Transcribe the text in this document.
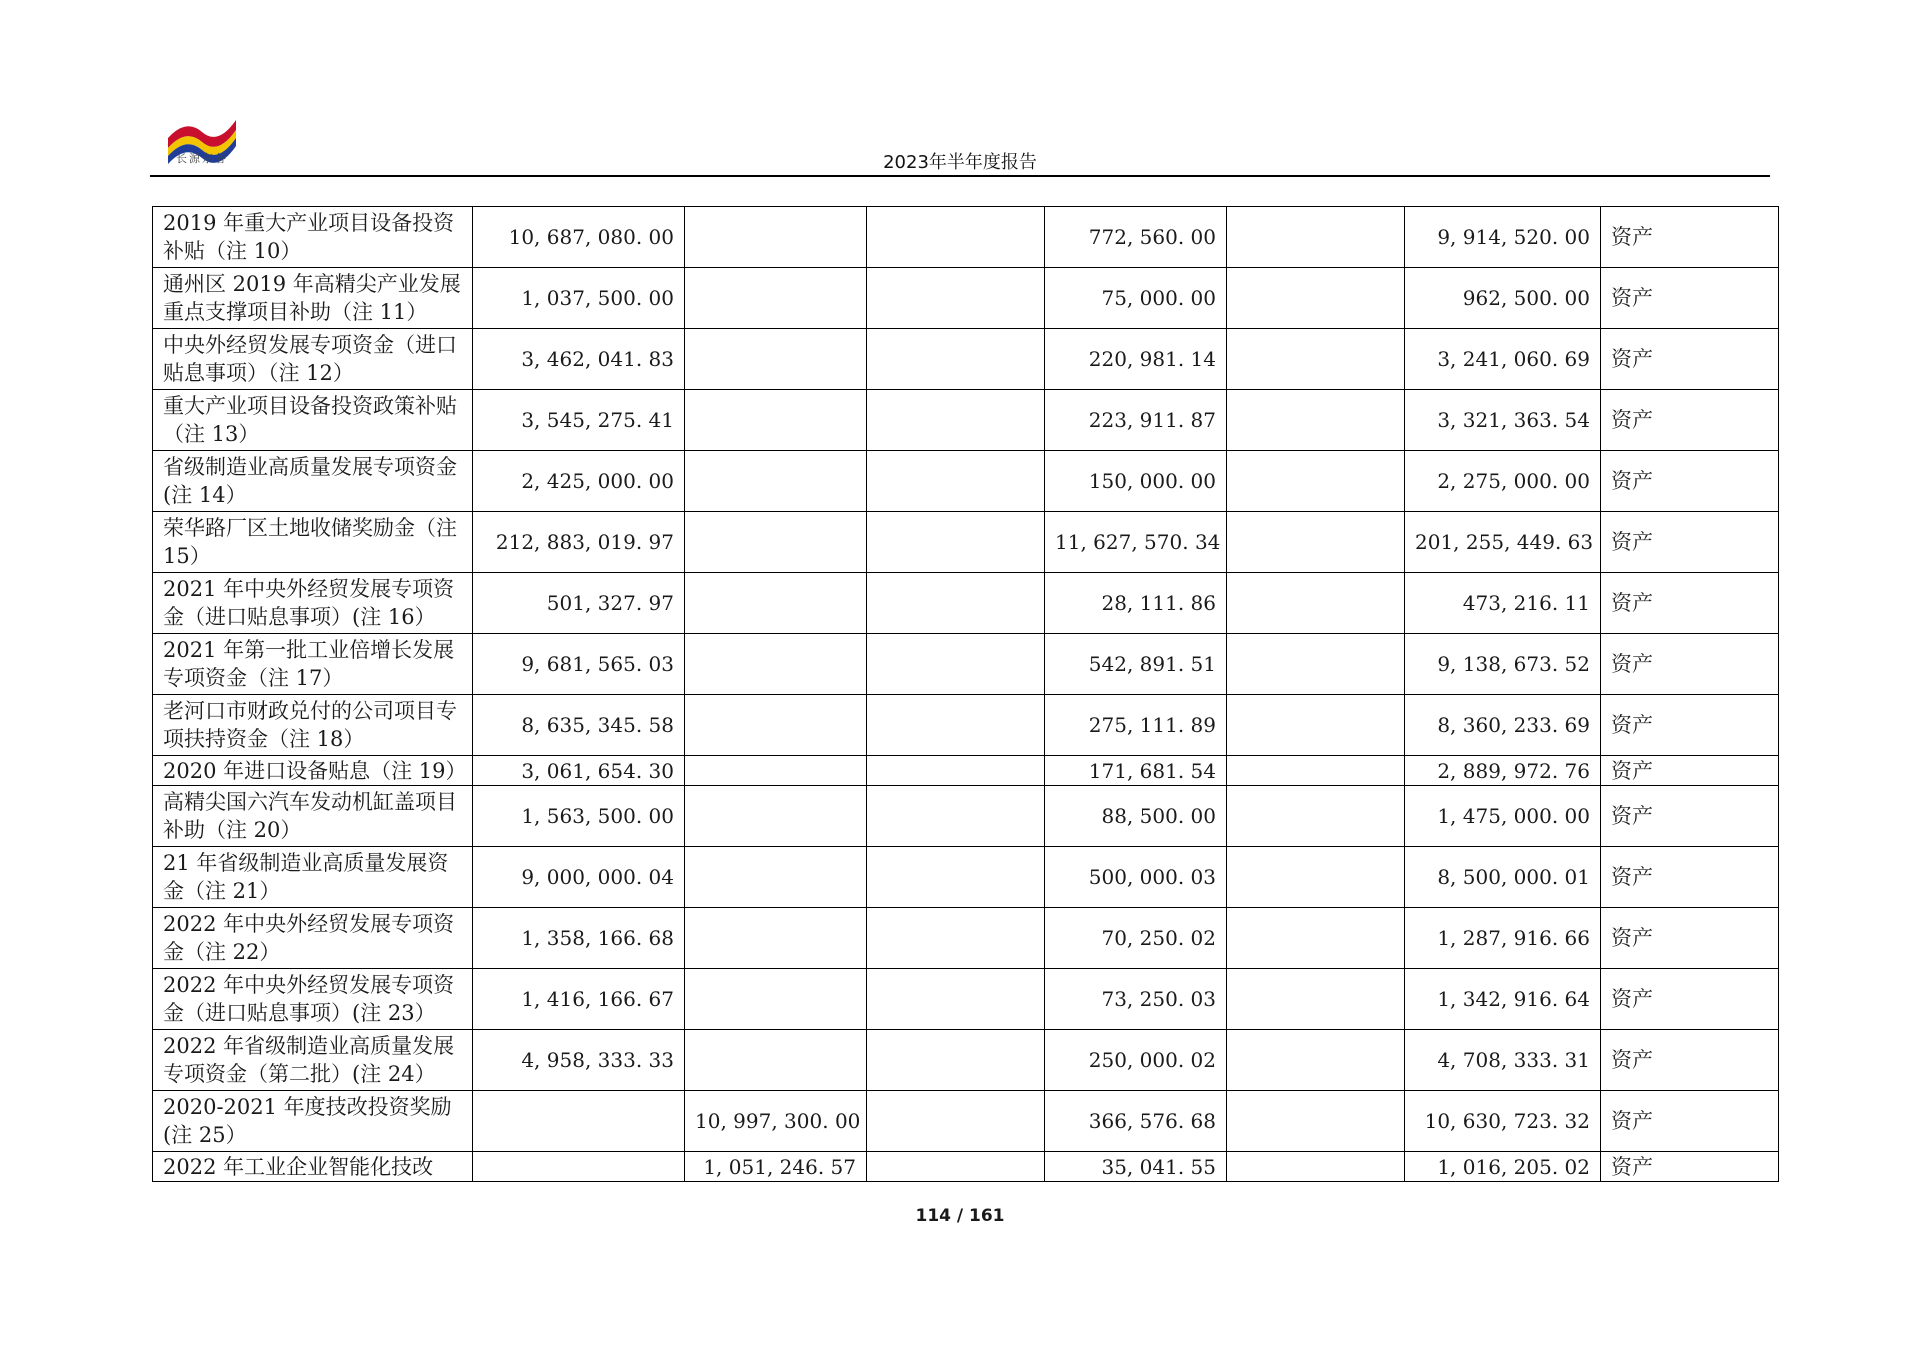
长源东谷	2023年半年度报告
2019 年重大产业项目设备投资补贴（注 10）	10, 687, 080. 00			772, 560. 00		9, 914, 520. 00	资产
通州区 2019 年高精尖产业发展重点支撑项目补助（注 11）	1, 037, 500. 00			75, 000. 00		962, 500. 00	资产
中央外经贸发展专项资金（进口贴息事项）（注 12）	3, 462, 041. 83			220, 981. 14		3, 241, 060. 69	资产
重大产业项目设备投资政策补贴（注 13）	3, 545, 275. 41			223, 911. 87		3, 321, 363. 54	资产
省级制造业高质量发展专项资金(注 14）	2, 425, 000. 00			150, 000. 00		2, 275, 000. 00	资产
荣华路厂区土地收储奖励金（注 15）	212, 883, 019. 97			11, 627, 570. 34		201, 255, 449. 63	资产
2021 年中央外经贸发展专项资金（进口贴息事项）(注 16）	501, 327. 97			28, 111. 86		473, 216. 11	资产
2021 年第一批工业倍增长发展专项资金（注 17）	9, 681, 565. 03			542, 891. 51		9, 138, 673. 52	资产
老河口市财政兑付的公司项目专项扶持资金（注 18）	8, 635, 345. 58			275, 111. 89		8, 360, 233. 69	资产
2020 年进口设备贴息（注 19）	3, 061, 654. 30			171, 681. 54		2, 889, 972. 76	资产
高精尖国六汽车发动机缸盖项目补助（注 20）	1, 563, 500. 00			88, 500. 00		1, 475, 000. 00	资产
21 年省级制造业高质量发展资金（注 21）	9, 000, 000. 04			500, 000. 03		8, 500, 000. 01	资产
2022 年中央外经贸发展专项资金（注 22）	1, 358, 166. 68			70, 250. 02		1, 287, 916. 66	资产
2022 年中央外经贸发展专项资金（进口贴息事项）(注 23）	1, 416, 166. 67			73, 250. 03		1, 342, 916. 64	资产
2022 年省级制造业高质量发展专项资金（第二批）(注 24）	4, 958, 333. 33			250, 000. 02		4, 708, 333. 31	资产
2020-2021 年度技改投资奖励(注 25）		10, 997, 300. 00		366, 576. 68		10, 630, 723. 32	资产
2022 年工业企业智能化技改		1, 051, 246. 57		35, 041. 55		1, 016, 205. 02	资产
114 / 161
